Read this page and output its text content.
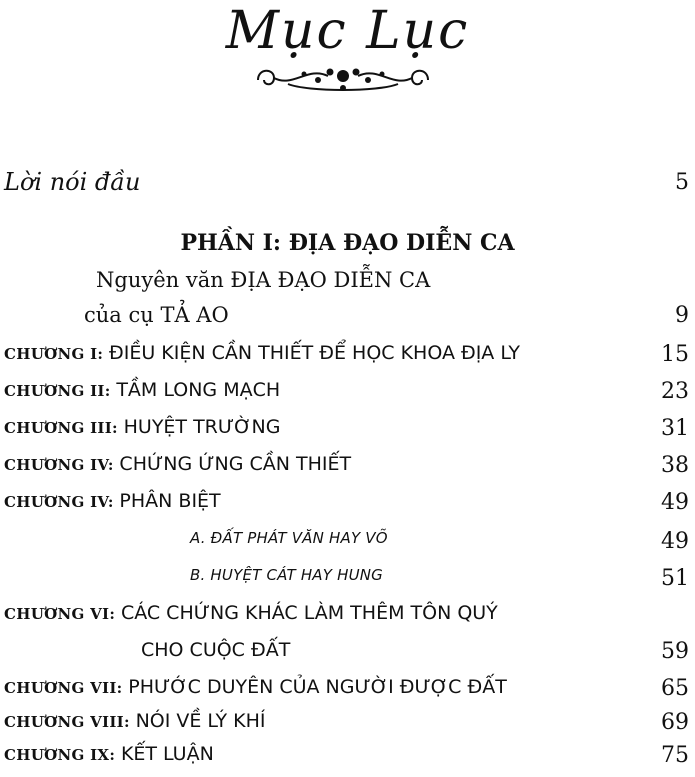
Mục Lục
Lời nói đầu	5
PHẦN I: ĐỊA ĐẠO DIỄN CA
Nguyên văn ĐỊA ĐẠO DIỄN CA
của cụ TẢ AO	9
CHƯƠNG I: ĐIỀU KIỆN CẦN THIẾT ĐỂ HỌC KHOA ĐỊA LY	15
CHƯƠNG II: TẦM LONG MẠCH	23
CHƯƠNG III: HUYỆT TRƯỜNG	31
CHƯƠNG IV: CHỨNG ỨNG CẦN THIẾT	38
CHƯƠNG IV: PHÂN BIỆT	49
A. ĐẤT PHÁT VĂN HAY VÕ	49
B. HUYỆT CÁT HAY HUNG	51
CHƯƠNG VI: CÁC CHỨNG KHÁC LÀM THÊM TÔN QUÝ
CHO CUỘC ĐẤT	59
CHƯƠNG VII: PHƯỚC DUYÊN CỦA NGƯỜI ĐƯỢC ĐẤT	65
CHƯƠNG VIII: NÓI VỀ LÝ KHÍ	69
CHƯƠNG IX: KẾT LUẬN	75
